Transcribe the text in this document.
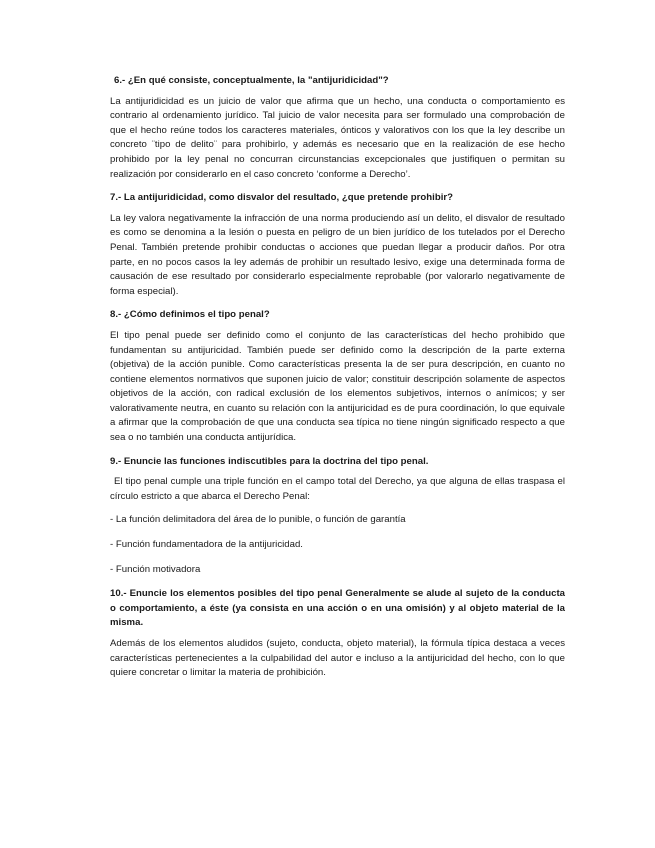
6.- ¿En qué consiste, conceptualmente, la "antijuridicidad"?
La antijuridicidad es un juicio de valor que afirma que un hecho, una conducta o comportamiento es contrario al ordenamiento jurídico. Tal juicio de valor necesita para ser formulado una comprobación de que el hecho reúne todos los caracteres materiales, ónticos y valorativos con los que la ley describe un concreto ¨tipo de delito¨ para prohibirlo, y además es necesario que en la realización de ese hecho prohibido por la ley penal no concurran circunstancias excepcionales que justifiquen o permitan su realización por considerarlo en el caso concreto ‘conforme a Derecho’.
7.- La antijuridicidad, como disvalor del resultado, ¿que pretende prohibir?
La ley valora negativamente la infracción de una norma produciendo así un delito, el disvalor de resultado es como se denomina a la lesión o puesta en peligro de un bien jurídico de los tutelados por el Derecho Penal. También pretende prohibir conductas o acciones que puedan llegar a producir daños. Por otra parte, en no pocos casos la ley además de prohibir un resultado lesivo, exige una determinada forma de causación de ese resultado por considerarlo especialmente reprobable (por valorarlo negativamente de forma especial).
8.- ¿Cómo definimos el tipo penal?
El tipo penal puede ser definido como el conjunto de las características del hecho prohibido que fundamentan su antijuricidad. También puede ser definido como la descripción de la parte externa (objetiva) de la acción punible. Como características presenta la de ser pura descripción, en cuanto no contiene elementos normativos que suponen juicio de valor; constituir descripción solamente de aspectos objetivos de la acción, con radical exclusión de los elementos subjetivos, internos o anímicos; y ser valorativamente neutra, en cuanto su relación con la antijuricidad es de pura coordinación, lo que equivale a afirmar que la comprobación de que una conducta sea típica no tiene ningún significado respecto a que sea o no también una conducta antijurídica.
9.- Enuncie las funciones indiscutibles para la doctrina del tipo penal.
El tipo penal cumple una triple función en el campo total del Derecho, ya que alguna de ellas traspasa el círculo estricto a que abarca el Derecho Penal:
- La función delimitadora del área de lo punible, o función de garantía
- Función fundamentadora de la antijuricidad.
- Función motivadora
10.- Enuncie los elementos posibles del tipo penal Generalmente se alude al sujeto de la conducta o comportamiento, a éste (ya consista en una acción o en una omisión) y al objeto material de la misma.
Además de los elementos aludidos (sujeto, conducta, objeto material), la fórmula típica destaca a veces características pertenecientes a la culpabilidad del autor e incluso a la antijuricidad del hecho, con lo que quiere concretar o limitar la materia de prohibición.
